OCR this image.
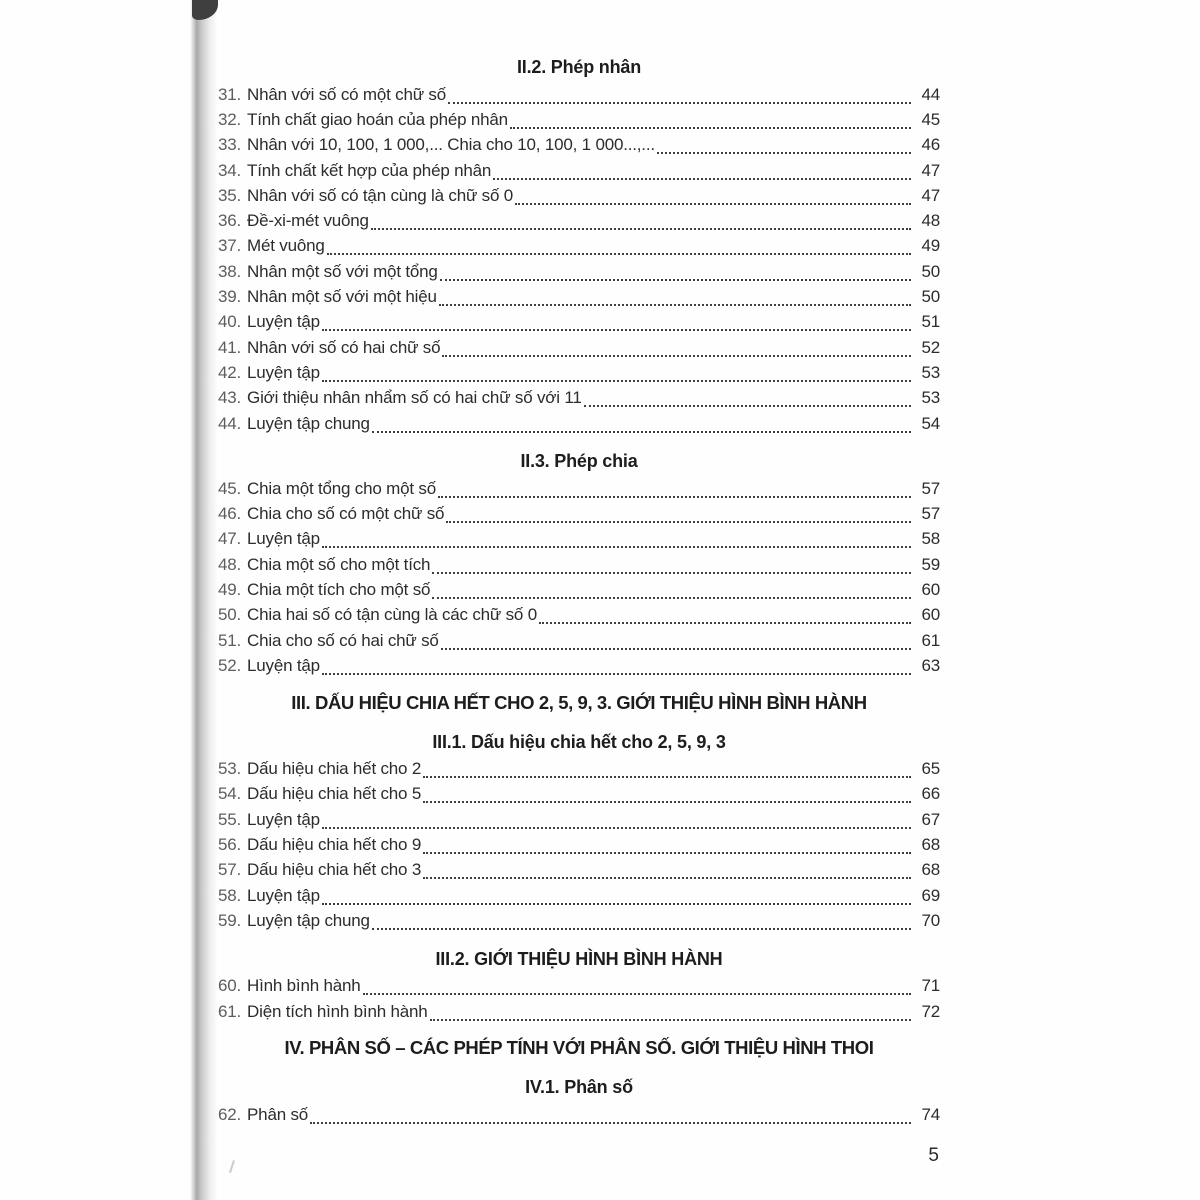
II.2. Phép nhân
31. Nhân với số có một chữ số	44
32. Tính chất giao hoán của phép nhân	45
33. Nhân với 10, 100, 1 000,... Chia cho 10, 100, 1 000...,...	46
34. Tính chất kết hợp của phép nhân	47
35. Nhân với số có tận cùng là chữ số 0	47
36. Đề-xi-mét vuông	48
37. Mét vuông	49
38. Nhân một số với một tổng	50
39. Nhân một số với một hiệu	50
40. Luyện tập	51
41. Nhân với số có hai chữ số	52
42. Luyện tập	53
43. Giới thiệu nhân nhẩm số có hai chữ số với 11	53
44. Luyện tập chung	54
II.3. Phép chia
45. Chia một tổng cho một số	57
46. Chia cho số có một chữ số	57
47. Luyện tập	58
48. Chia một số cho một tích	59
49. Chia một tích cho một số	60
50. Chia hai số có tận cùng là các chữ số 0	60
51. Chia cho số có hai chữ số	61
52. Luyện tập	63
III. DẤU HIỆU CHIA HẾT CHO 2, 5, 9, 3. GIỚI THIỆU HÌNH BÌNH HÀNH
III.1. Dấu hiệu chia hết cho 2, 5, 9, 3
53. Dấu hiệu chia hết cho 2	65
54. Dấu hiệu chia hết cho 5	66
55. Luyện tập	67
56. Dấu hiệu chia hết cho 9	68
57. Dấu hiệu chia hết cho 3	68
58. Luyện tập	69
59. Luyện tập chung	70
III.2. GIỚI THIỆU HÌNH BÌNH HÀNH
60. Hình bình hành	71
61. Diện tích hình bình hành	72
IV. PHÂN SỐ – CÁC PHÉP TÍNH VỚI PHÂN SỐ. GIỚI THIỆU HÌNH THOI
IV.1. Phân số
62. Phân số	74
5
